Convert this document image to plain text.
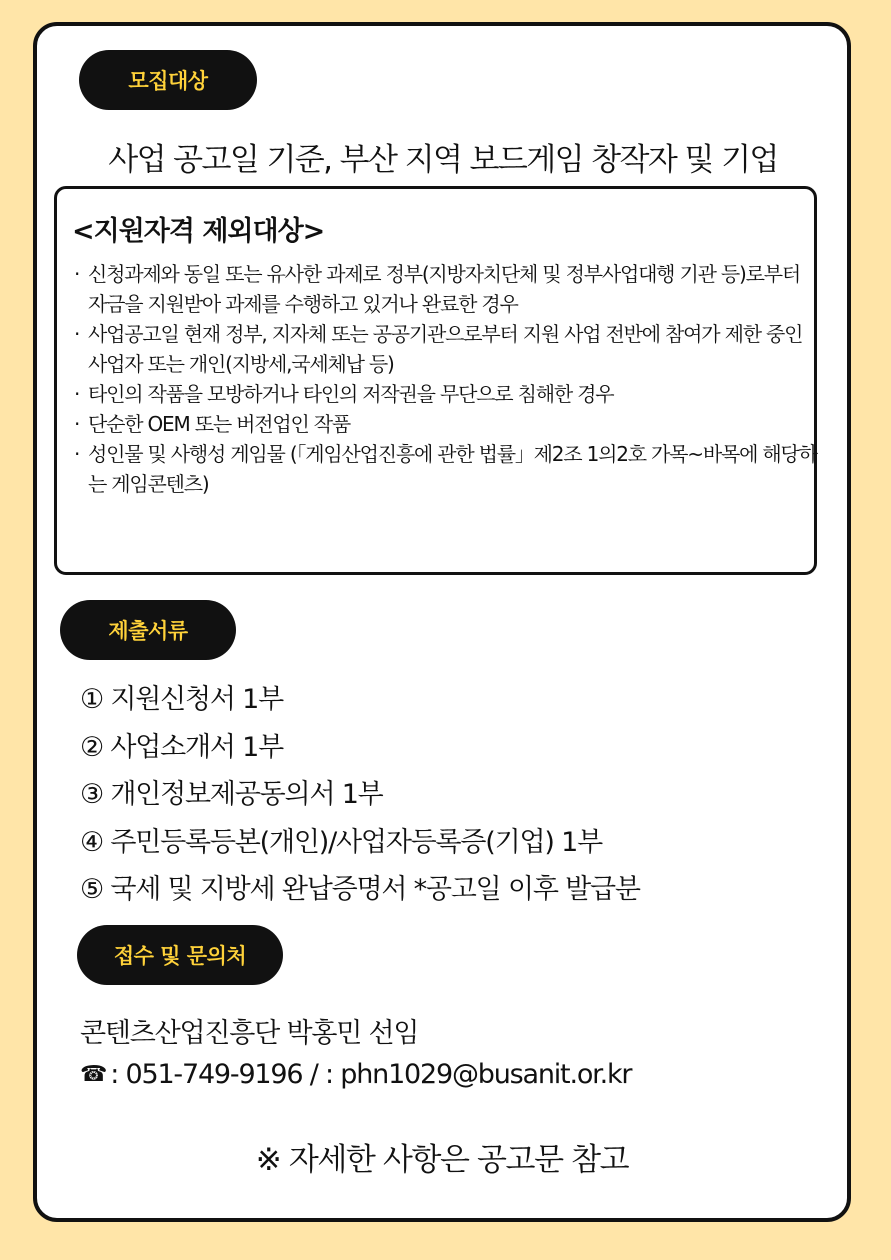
모집대상
사업 공고일 기준, 부산 지역 보드게임 창작자 및 기업
<지원자격 제외대상>
· 신청과제와 동일 또는 유사한 과제로 정부(지방자치단체 및 정부사업대행 기관 등)로부터 자금을 지원받아 과제를 수행하고 있거나 완료한 경우
· 사업공고일 현재 정부, 지자체 또는 공공기관으로부터 지원 사업 전반에 참여가 제한 중인 사업자 또는 개인(지방세,국세체납 등)
· 타인의 작품을 모방하거나 타인의 저작권을 무단으로 침해한 경우
· 단순한 OEM 또는 버전업인 작품
· 성인물 및 사행성 게임물 (「게임산업진흥에 관한 법률」제2조 1의2호 가목~바목에 해당하는 게임콘텐츠)
제출서류
① 지원신청서 1부
② 사업소개서 1부
③ 개인정보제공동의서 1부
④ 주민등록등본(개인)/사업자등록증(기업) 1부
⑤ 국세 및 지방세 완납증명서 *공고일 이후 발급분
접수 및 문의처
콘텐츠산업진흥단 박홍민 선임
☎ : 051-749-9196 / : phn1029@busanit.or.kr
※ 자세한 사항은 공고문 참고
